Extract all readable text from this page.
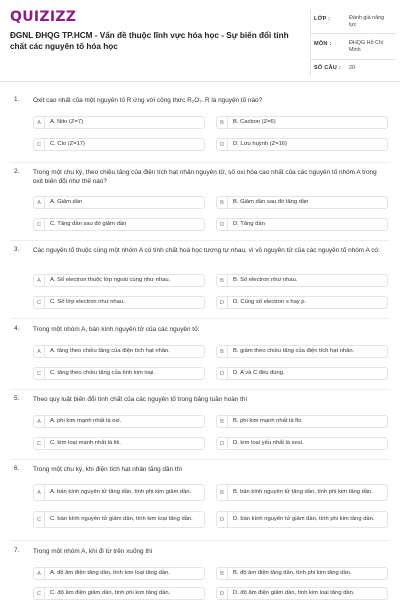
QUIZIZZ
ĐGNL ĐHQG TP.HCM - Vấn đề thuộc lĩnh vực hóa học - Sự biến đổi tính chất các nguyên tố hóa học
LỚP :	Đánh giá năng lực
MÔN :	ĐHQG Hồ Chí Minh
SỐ CÂU : 20
1. Oxit cao nhất của một nguyên tố R ứng với công thức R₂O₇. R là nguyên tố nào?
A	A. Nito (Z=7)	B	B. Cacbon (Z=6)
C	C. Clo (Z=17)	D	D. Lưu huỳnh (Z=16)
2. Trong một chu kỳ, theo chiều tăng của điện tích hạt nhân nguyên tử, số oxi hóa cao nhất của các nguyên tố nhóm A trong oxit biến đổi như thế nào?
A	A. Giảm dần	B	B. Giảm dần sau đó tăng dần
C	C. Tăng dần sau đó giảm dần	D	D. Tăng dần
3. Các nguyên tố thuộc cùng một nhóm A có tính chất hoá học tương tự nhau, vì vỏ nguyên tử của các nguyên tố nhóm A có:
A	A. Số electron thuộc lớp ngoài cùng như nhau.	B	B. Số electron như nhau.
C	C. Số lớp electron như nhau.	D	D. Cùng số electron s hay p.
4. Trong một nhóm A, bán kính nguyên tử của các nguyên tố:
A	A. tăng theo chiều tăng của điện tích hạt nhân.	B	B. giảm theo chiều tăng của điện tích hạt nhân.
C	C. tăng theo chiều tăng của tính kim loại.	D	D. A và C đều đúng.
5. Theo quy luật biến đổi tính chất của các nguyên tố trong bảng tuần hoàn thì
A	A. phi kim mạnh nhất là oxi.	B	B. phi kim mạnh nhất là flo.
C	C. kim loại mạnh nhất là liti.	D	D. kim loại yếu nhất là xesi.
6. Trong một chu kỳ, khi điện tích hạt nhân tăng dần thì
A	A. bán kính nguyên tử tăng dần, tính phi kim giảm dần.	B	B. bán kính nguyên tử tăng dần, tính phi kim tăng dần.
C	C. bán kính nguyên tử giảm dần, tính kim loại tăng dần.	D	D. bán kính nguyên tử giảm dần, tính phi kim tăng dần.
7. Trong một nhóm A, khi đi từ trên xuống thì
A	A. độ âm điện tăng dần, tính kim loại tăng dần.	B	B. độ âm điện tăng dần, tính phi kim tăng dần.
C	C. độ âm điện giảm dần, tính phi kim tăng dần.	D	D. độ âm điện giảm dần, tính kim loại tăng dần.
